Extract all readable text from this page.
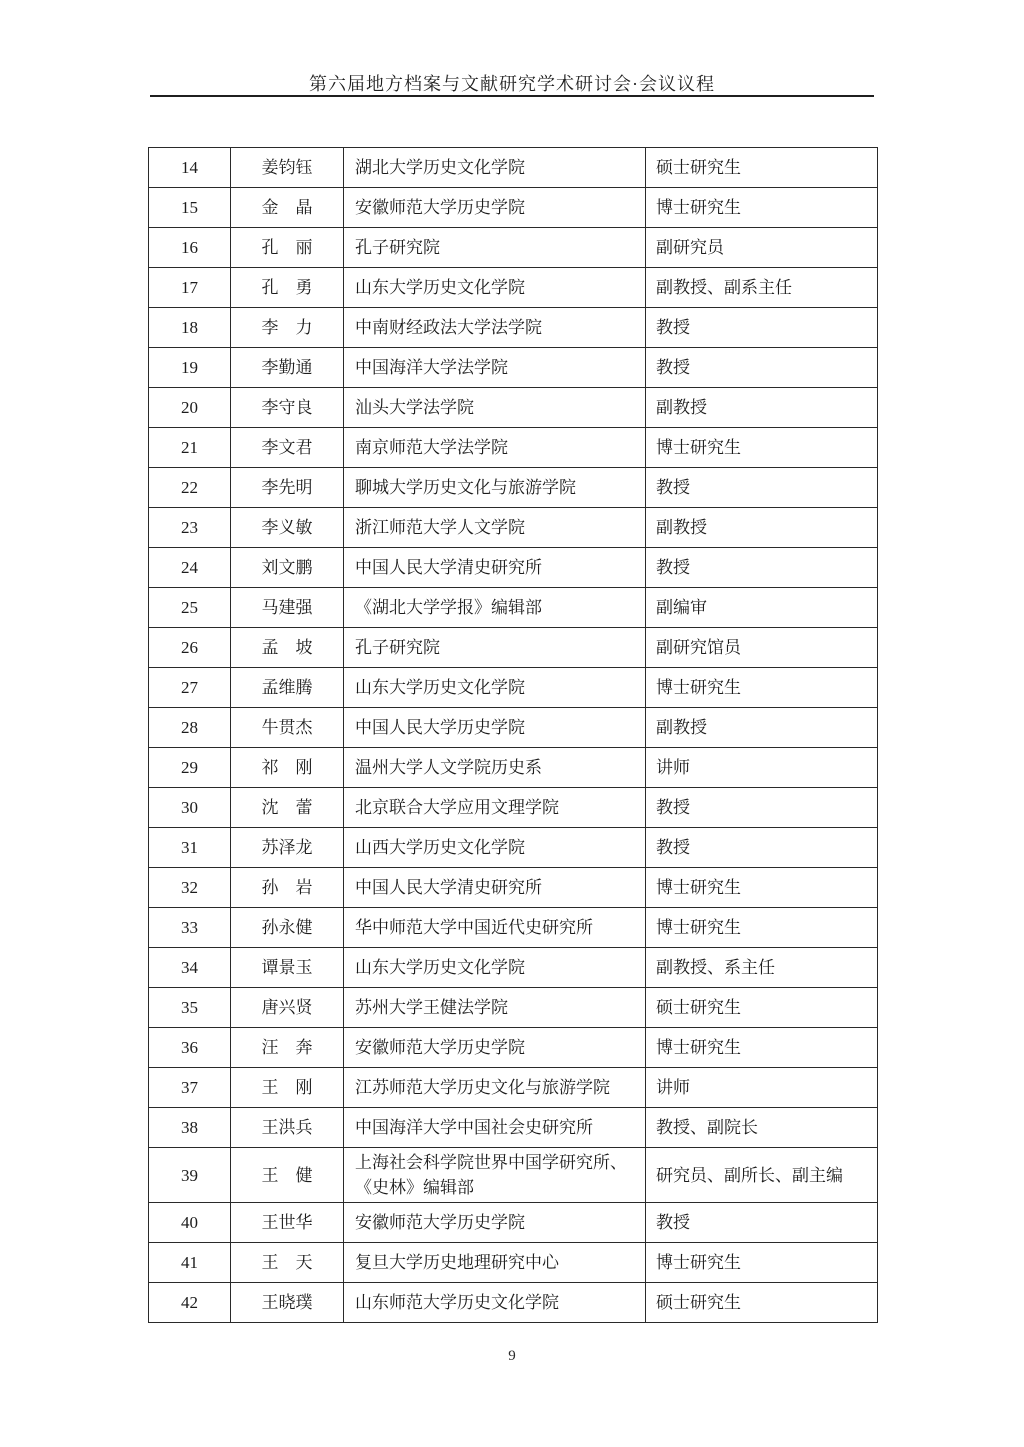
第六届地方档案与文献研究学术研讨会·会议议程
14	姜钧钰	湖北大学历史文化学院	硕士研究生
15	金　晶	安徽师范大学历史学院	博士研究生
16	孔　丽	孔子研究院	副研究员
17	孔　勇	山东大学历史文化学院	副教授、副系主任
18	李　力	中南财经政法大学法学院	教授
19	李勤通	中国海洋大学法学院	教授
20	李守良	汕头大学法学院	副教授
21	李文君	南京师范大学法学院	博士研究生
22	李先明	聊城大学历史文化与旅游学院	教授
23	李义敏	浙江师范大学人文学院	副教授
24	刘文鹏	中国人民大学清史研究所	教授
25	马建强	《湖北大学学报》编辑部	副编审
26	孟　坡	孔子研究院	副研究馆员
27	孟维腾	山东大学历史文化学院	博士研究生
28	牛贯杰	中国人民大学历史学院	副教授
29	祁　刚	温州大学人文学院历史系	讲师
30	沈　蕾	北京联合大学应用文理学院	教授
31	苏泽龙	山西大学历史文化学院	教授
32	孙　岩	中国人民大学清史研究所	博士研究生
33	孙永健	华中师范大学中国近代史研究所	博士研究生
34	谭景玉	山东大学历史文化学院	副教授、系主任
35	唐兴贤	苏州大学王健法学院	硕士研究生
36	汪　奔	安徽师范大学历史学院	博士研究生
37	王　刚	江苏师范大学历史文化与旅游学院	讲师
38	王洪兵	中国海洋大学中国社会史研究所	教授、副院长
39	王　健	上海社会科学院世界中国学研究所、《史林》编辑部	研究员、副所长、副主编
40	王世华	安徽师范大学历史学院	教授
41	王　天	复旦大学历史地理研究中心	博士研究生
42	王晓璞	山东师范大学历史文化学院	硕士研究生
9
